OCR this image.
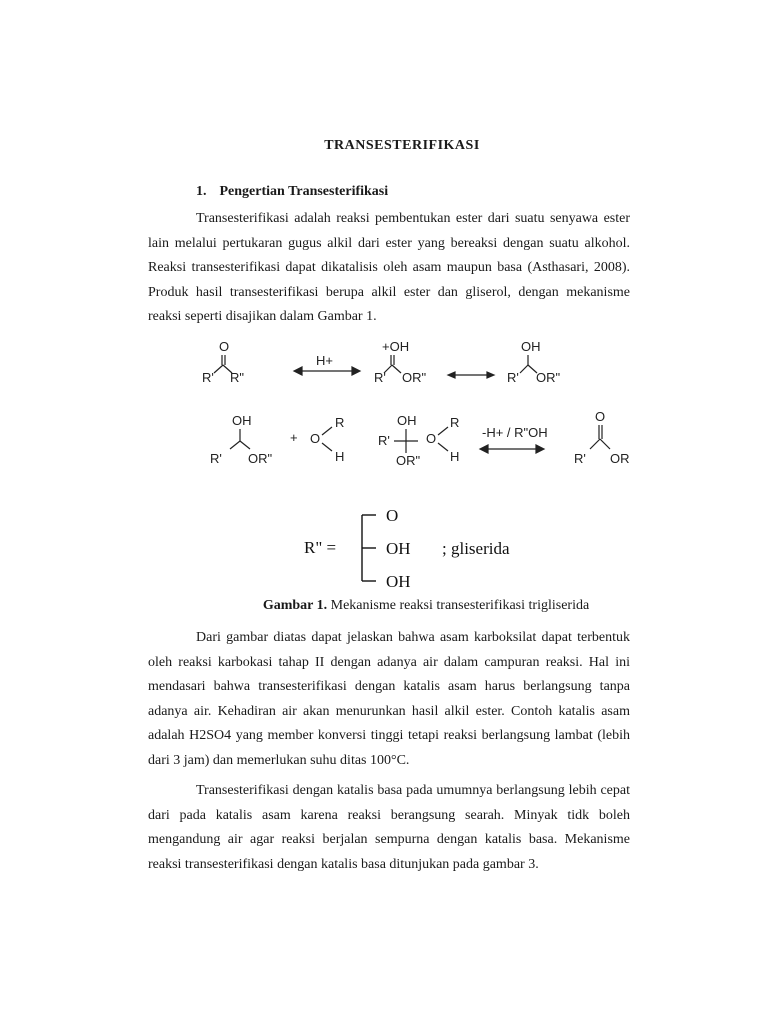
TRANSESTERIFIKASI
1. Pengertian Transesterifikasi

Transesterifikasi adalah reaksi pembentukan ester dari suatu senyawa ester lain melalui pertukaran gugus alkil dari ester yang bereaksi dengan suatu alkohol. Reaksi transesterifikasi dapat dikatalisis oleh asam maupun basa (Asthasari, 2008). Produk hasil transesterifikasi berupa alkil ester dan gliserol, dengan mekanisme reaksi seperti disajikan dalam Gambar 1.

O
R' R"
H+
+OH
R' OR"
OH
R' OR"
OH
R' OR"
+ O
R
H
OH
R'
OR"
O
R
H
-H+ / R"OH
O
R' OR
R" =
O
OH
OH
; gliserida
Gambar 1. Mekanisme reaksi transesterifikasi trigliserida

Dari gambar diatas dapat jelaskan bahwa asam karboksilat dapat terbentuk oleh reaksi karbokasi tahap II dengan adanya air dalam campuran reaksi. Hal ini mendasari bahwa transesterifikasi dengan katalis asam harus berlangsung tanpa adanya air. Kehadiran air akan menurunkan hasil alkil ester. Contoh katalis asam adalah H2SO4 yang member konversi tinggi tetapi reaksi berlangsung lambat (lebih dari 3 jam) dan memerlukan suhu ditas 100°C.

Transesterifikasi dengan katalis basa pada umumnya berlangsung lebih cepat dari pada katalis asam karena reaksi berangsung searah. Minyak tidk boleh mengandung air agar reaksi berjalan sempurna dengan katalis basa. Mekanisme reaksi transesterifikasi dengan katalis basa ditunjukan pada gambar 3.
